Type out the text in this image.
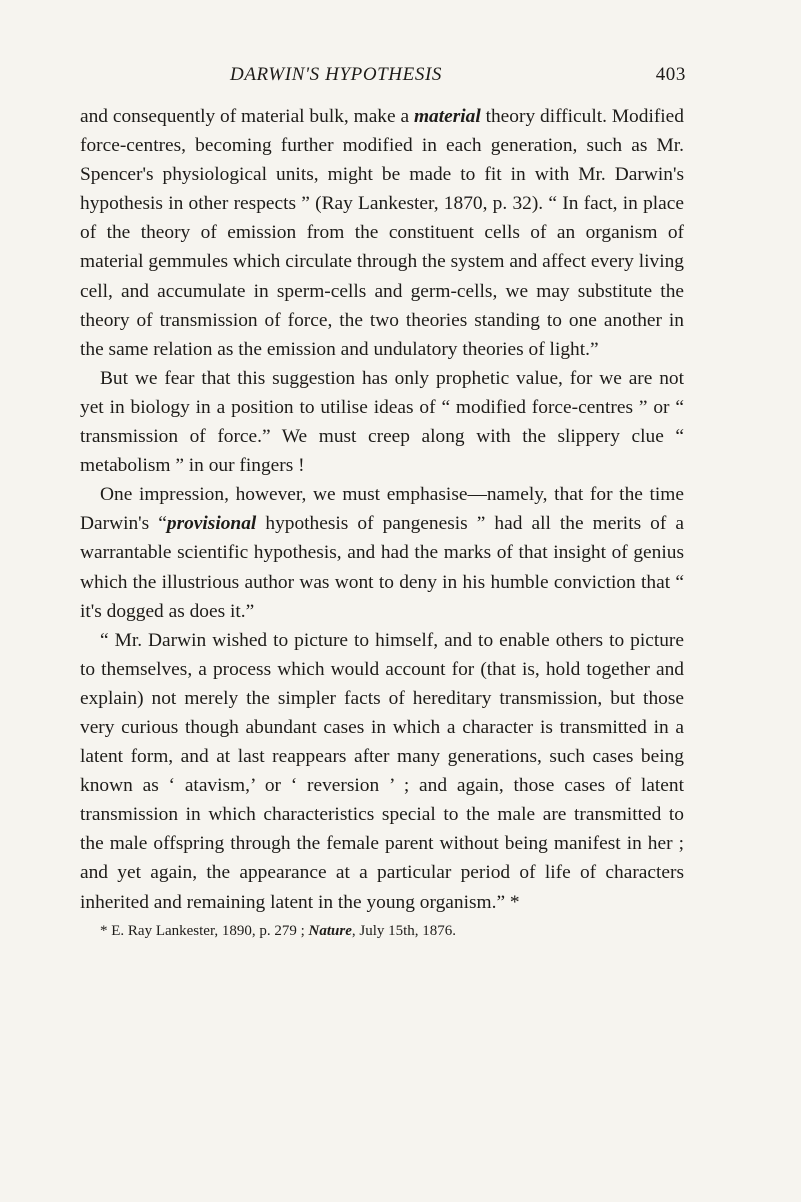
DARWIN'S HYPOTHESIS	403

and consequently of material bulk, make a material theory difficult. Modified force-centres, becoming further modified in each generation, such as Mr. Spencer's physiological units, might be made to fit in with Mr. Darwin's hypothesis in other respects ” (Ray Lankester, 1870, p. 32). “ In fact, in place of the theory of emission from the constituent cells of an organism of material gemmules which circulate through the system and affect every living cell, and accumulate in sperm-cells and germ-cells, we may substitute the theory of transmission of force, the two theories standing to one another in the same relation as the emission and undulatory theories of light.”

But we fear that this suggestion has only prophetic value, for we are not yet in biology in a position to utilise ideas of “ modified force-centres ” or “ transmission of force.” We must creep along with the slippery clue “ metabolism ” in our fingers !

One impression, however, we must emphasise—namely, that for the time Darwin's “provisional hypothesis of pangenesis ” had all the merits of a warrantable scientific hypothesis, and had the marks of that insight of genius which the illustrious author was wont to deny in his humble conviction that “ it's dogged as does it.”

“ Mr. Darwin wished to picture to himself, and to enable others to picture to themselves, a process which would account for (that is, hold together and explain) not merely the simpler facts of hereditary transmission, but those very curious though abundant cases in which a character is transmitted in a latent form, and at last reappears after many generations, such cases being known as ‘ atavism,’ or ‘ reversion ’ ; and again, those cases of latent transmission in which characteristics special to the male are transmitted to the male offspring through the female parent without being manifest in her ; and yet again, the appearance at a particular period of life of characters inherited and remaining latent in the young organism.” *

* E. Ray Lankester, 1890, p. 279 ; Nature, July 15th, 1876.
